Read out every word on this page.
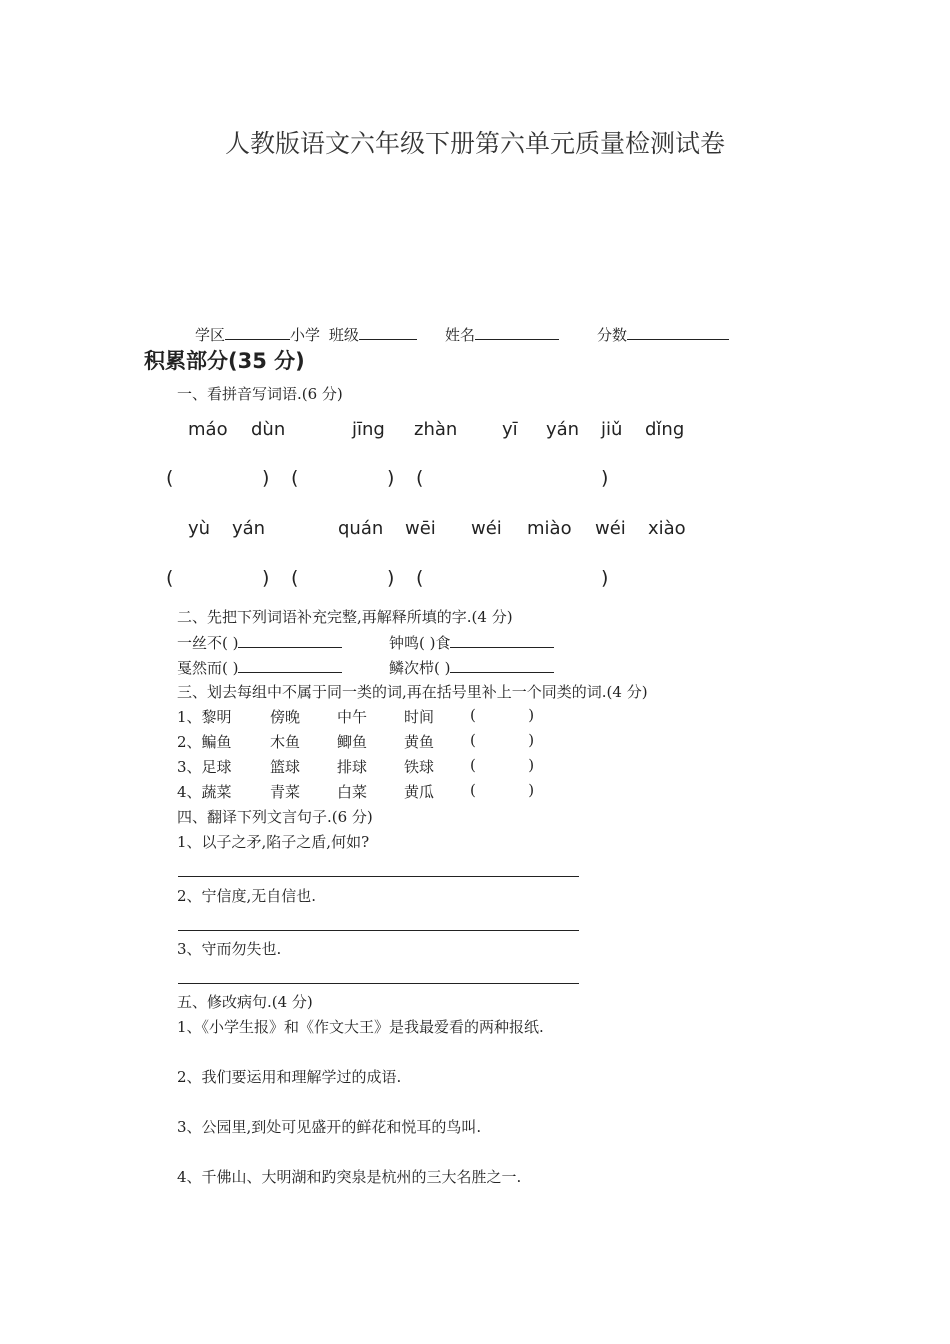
人教版语文六年级下册第六单元质量检测试卷
学区	小学 班级	姓名	分数
积累部分(35 分)
一、看拼音写词语.(6 分)
máo dùn	jīng zhàn yī yán jiǔ dǐng
(	) (	) (	)
yù yán	quán wēi wéi miào wéi xiào
(	) (	) (	)
二、先把下列词语补充完整,再解释所填的字.(4 分)
一丝不( )	钟鸣( )食
戛然而( )	鳞次栉( )
三、划去每组中不属于同一类的词,再在括号里补上一个同类的词.(4 分)
1、黎明	傍晚 中午 时间 (           )
2、鳊鱼	木鱼 鲫鱼 黄鱼 (           )
3、足球	篮球 排球 铁球 (           )
4、蔬菜	青菜 白菜 黄瓜 (           )
四、翻译下列文言句子.(6 分)
1、以子之矛,陷子之盾,何如?
2、宁信度,无自信也.
3、守而勿失也.
五、修改病句.(4 分)
1、《小学生报》和《作文大王》是我最爱看的两种报纸.
2、我们要运用和理解学过的成语.
3、公园里,到处可见盛开的鲜花和悦耳的鸟叫.
4、千佛山、大明湖和趵突泉是杭州的三大名胜之一.
